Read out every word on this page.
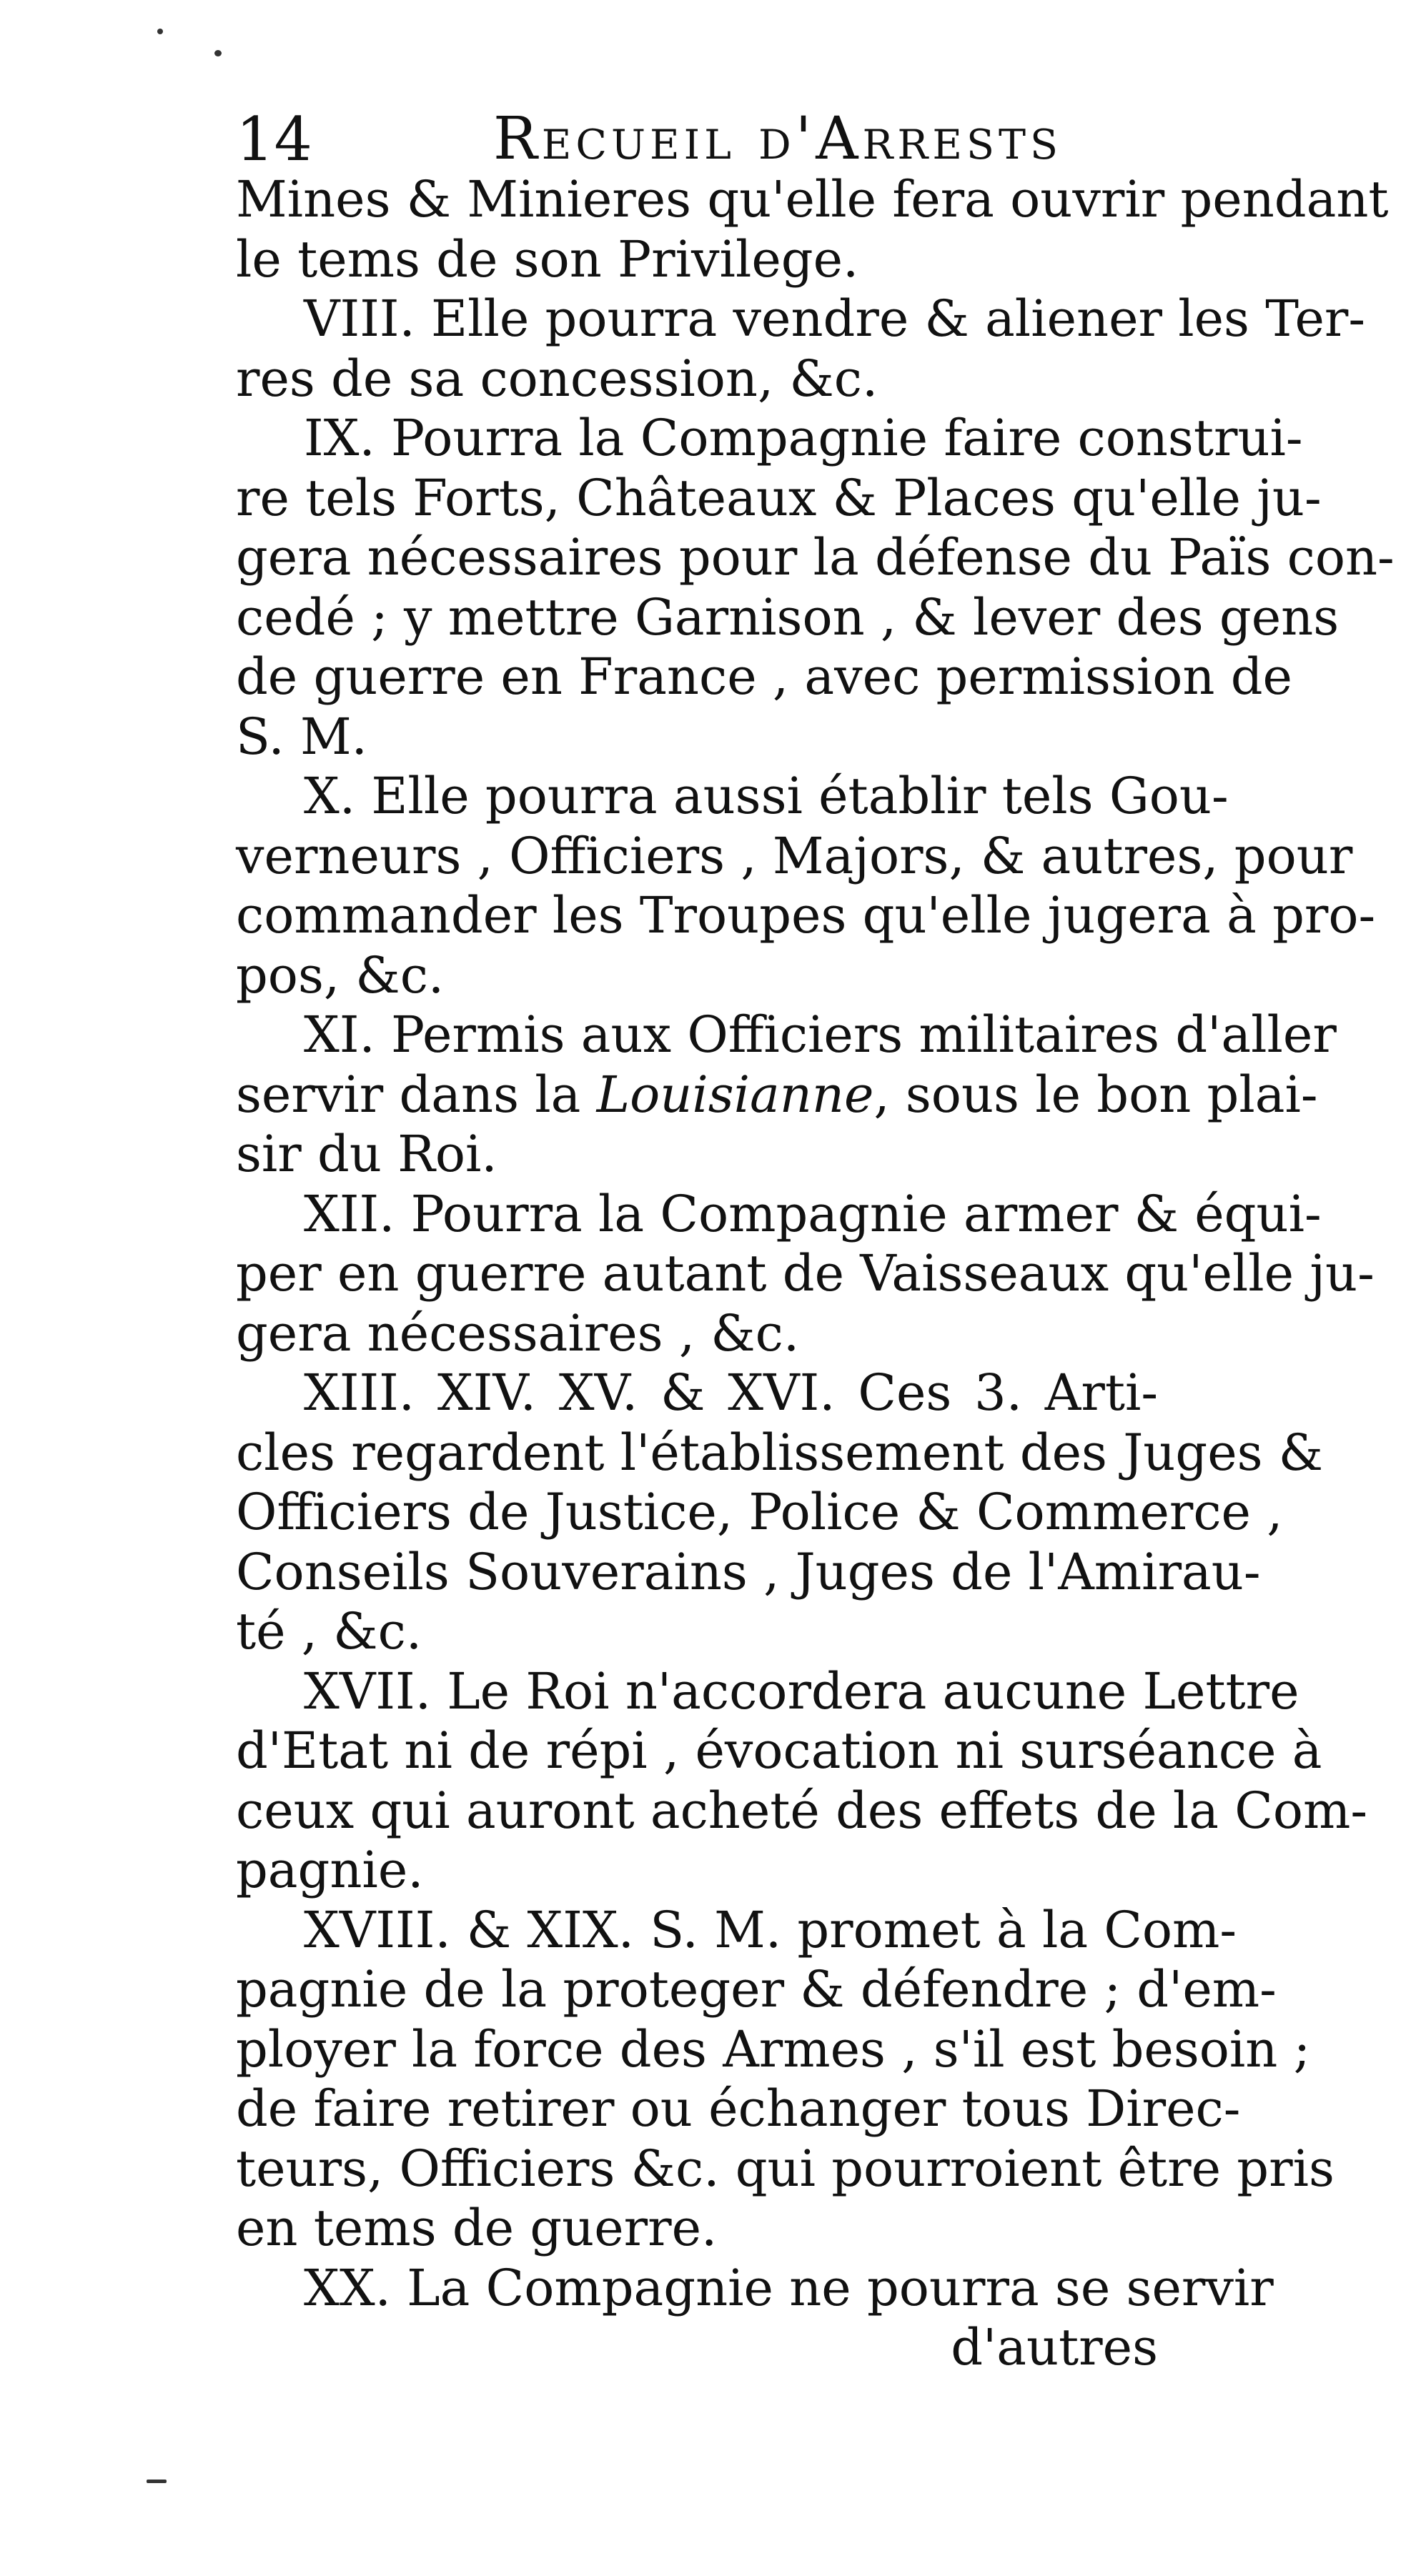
14	Recueil d'Arrests
Mines & Minieres qu'elle fera ouvrir pendant
le tems de son Privilege.
VIII. Elle pourra vendre & aliener les Ter-
res de sa concession, &c.
IX. Pourra la Compagnie faire construi-
re tels Forts, Châteaux & Places qu'elle ju-
gera nécessaires pour la défense du Païs con-
cedé ; y mettre Garnison , & lever des gens
de guerre en France , avec permission de
S. M.
X. Elle pourra aussi établir tels Gou-
verneurs , Officiers , Majors, & autres, pour
commander les Troupes qu'elle jugera à pro-
pos, &c.
XI. Permis aux Officiers militaires d'aller
servir dans la Louisianne, sous le bon plai-
sir du Roi.
XII. Pourra la Compagnie armer & équi-
per en guerre autant de Vaisseaux qu'elle ju-
gera nécessaires , &c.
XIII. XIV. XV. & XVI. Ces 3. Arti-
cles regardent l'établissement des Juges &
Officiers de Justice, Police & Commerce ,
Conseils Souverains , Juges de l'Amirau-
té , &c.
XVII. Le Roi n'accordera aucune Lettre
d'Etat ni de répi , évocation ni surséance à
ceux qui auront acheté des effets de la Com-
pagnie.
XVIII. & XIX. S. M. promet à la Com-
pagnie de la proteger & défendre ; d'em-
ployer la force des Armes , s'il est besoin ;
de faire retirer ou échanger tous Direc-
teurs, Officiers &c. qui pourroient être pris
en tems de guerre.
XX. La Compagnie ne pourra se servir
d'autres
